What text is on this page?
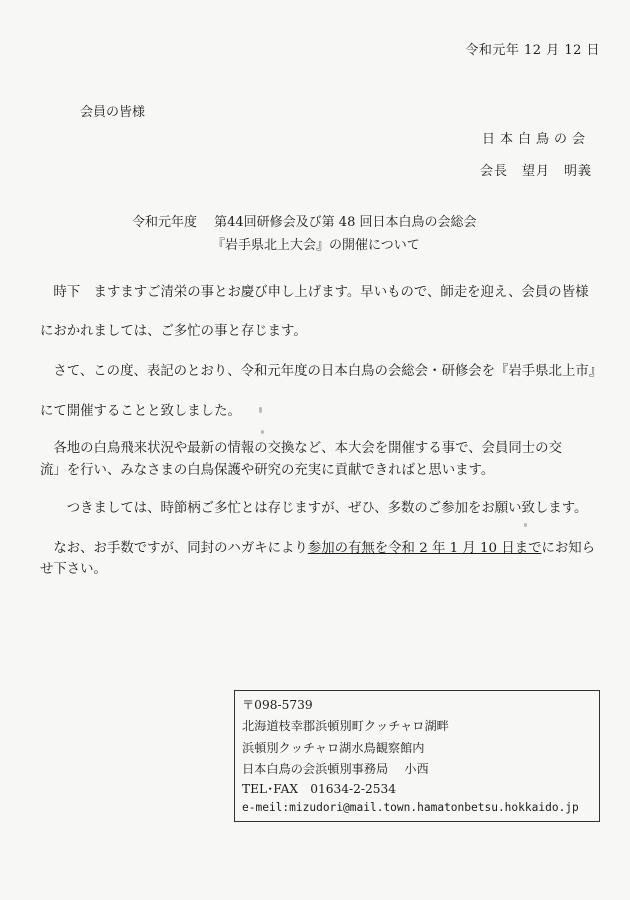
令和元年 12 月 12 日
会員の皆様
日本白鳥の会
会長　望月　明義
令和元年度　 第44回研修会及び第 48 回日本白鳥の会総会
『岩手県北上大会』の開催について
　時下　ますますご清栄の事とお慶び申し上げます。早いもので、師走を迎え、会員の皆様
におかれましては、ご多忙の事と存じます。
　さて、この度、表記のとおり、令和元年度の日本白鳥の会総会・研修会を『岩手県北上市』
にて開催することと致しました。
　各地の白鳥飛来状況や最新の情報の交換など、本大会を開催する事で、会員同士の交
流」を行い、みなさまの白鳥保護や研究の充実に貢献できればと思います。
　　つきましては、時節柄ご多忙とは存じますが、ぜひ、多数のご参加をお願い致します。
　なお、お手数ですが、同封のハガキにより参加の有無を令和 2 年 1 月 10 日までにお知ら
せ下さい。
〒098-5739
北海道枝幸郡浜頓別町クッチャロ湖畔
浜頓別クッチャロ湖水鳥観察館内
日本白鳥の会浜頓別事務局　 小西
TEL･FAX　01634-2-2534
e-meil:mizudori@mail.town.hamatonbetsu.hokkaido.jp
